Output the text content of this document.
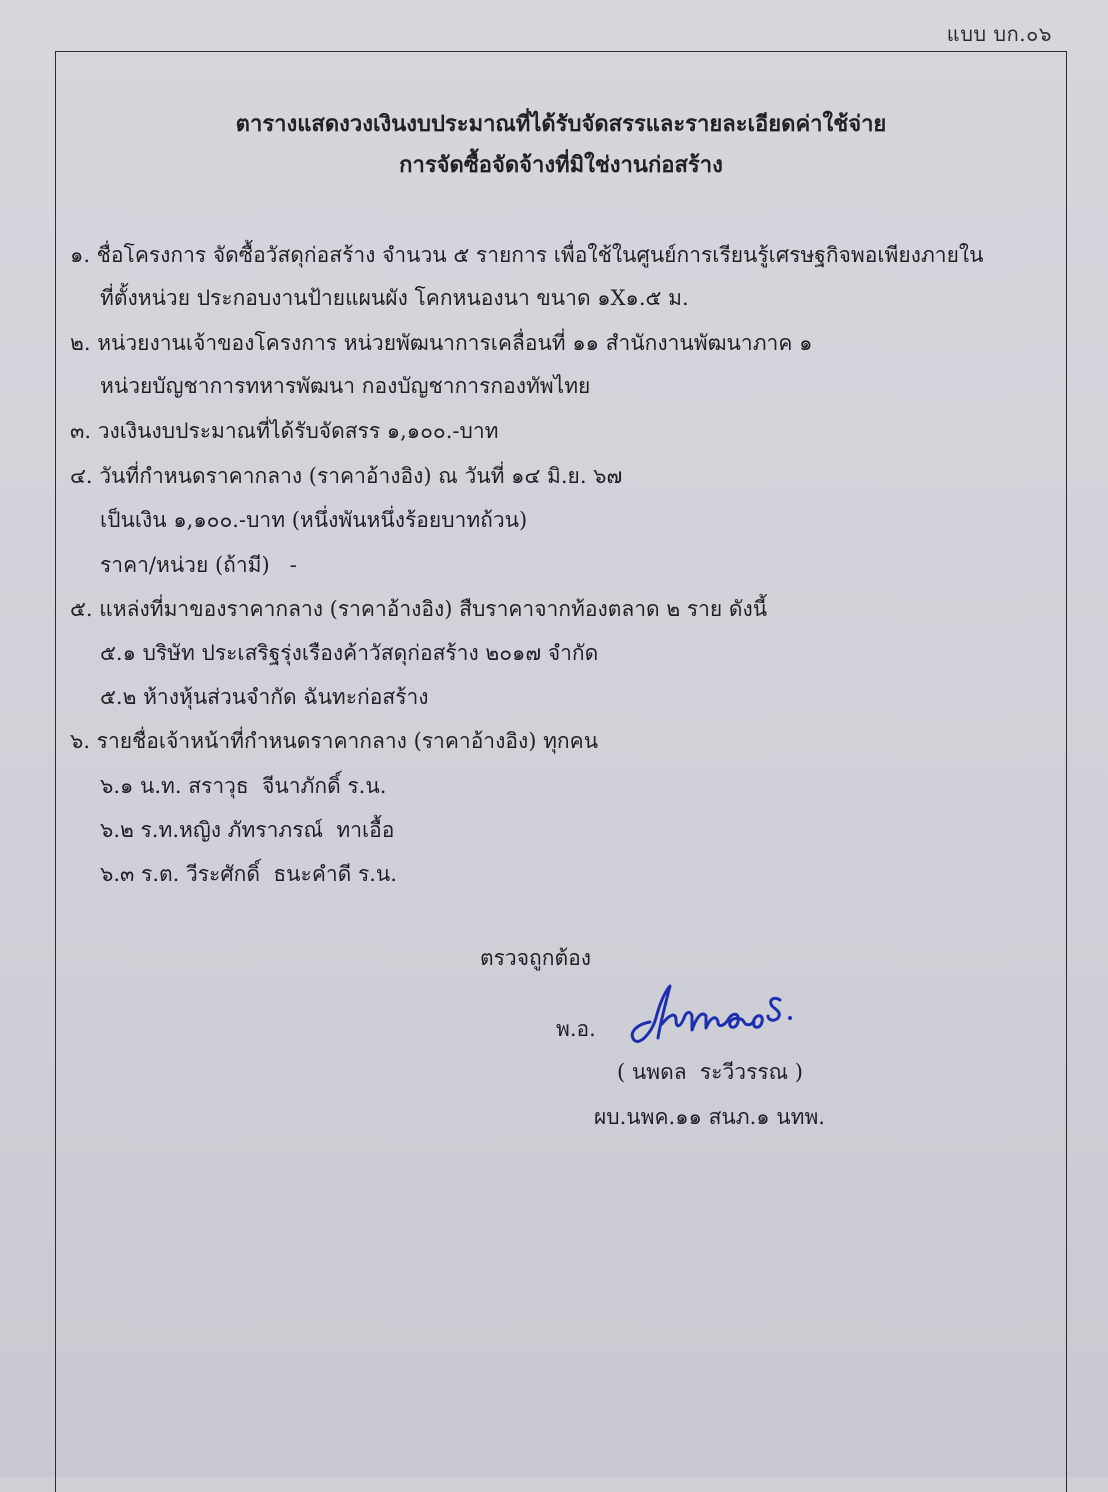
แบบ บก.๐๖
ตารางแสดงวงเงินงบประมาณที่ได้รับจัดสรรและรายละเอียดค่าใช้จ่าย
การจัดซื้อจัดจ้างที่มิใช่งานก่อสร้าง
๑. ชื่อโครงการ จัดซื้อวัสดุก่อสร้าง จำนวน ๕ รายการ เพื่อใช้ในศูนย์การเรียนรู้เศรษฐกิจพอเพียงภายใน
ที่ตั้งหน่วย ประกอบงานป้ายแผนผัง โคกหนองนา ขนาด ๑X๑.๕ ม.
๒. หน่วยงานเจ้าของโครงการ หน่วยพัฒนาการเคลื่อนที่ ๑๑ สำนักงานพัฒนาภาค ๑
หน่วยบัญชาการทหารพัฒนา กองบัญชาการกองทัพไทย
๓. วงเงินงบประมาณที่ได้รับจัดสรร ๑,๑๐๐.-บาท
๔. วันที่กำหนดราคากลาง (ราคาอ้างอิง) ณ วันที่ ๑๔ มิ.ย. ๖๗
เป็นเงิน ๑,๑๐๐.-บาท (หนึ่งพันหนึ่งร้อยบาทถ้วน)
ราคา/หน่วย (ถ้ามี)   -
๕. แหล่งที่มาของราคากลาง (ราคาอ้างอิง) สืบราคาจากท้องตลาด ๒ ราย ดังนี้
๕.๑ บริษัท ประเสริฐรุ่งเรืองค้าวัสดุก่อสร้าง ๒๐๑๗ จำกัด
๕.๒ ห้างหุ้นส่วนจำกัด ฉันทะก่อสร้าง
๖. รายชื่อเจ้าหน้าที่กำหนดราคากลาง (ราคาอ้างอิง) ทุกคน
๖.๑ น.ท. สราวุธ  จีนาภักดิ์ ร.น.
๖.๒ ร.ท.หญิง ภัทราภรณ์  ทาเอื้อ
๖.๓ ร.ต. วีระศักดิ์  ธนะคำดี ร.น.
ตรวจถูกต้อง
พ.อ.
( นพดล  ระวีวรรณ )
ผบ.นพค.๑๑ สนภ.๑ นทพ.
